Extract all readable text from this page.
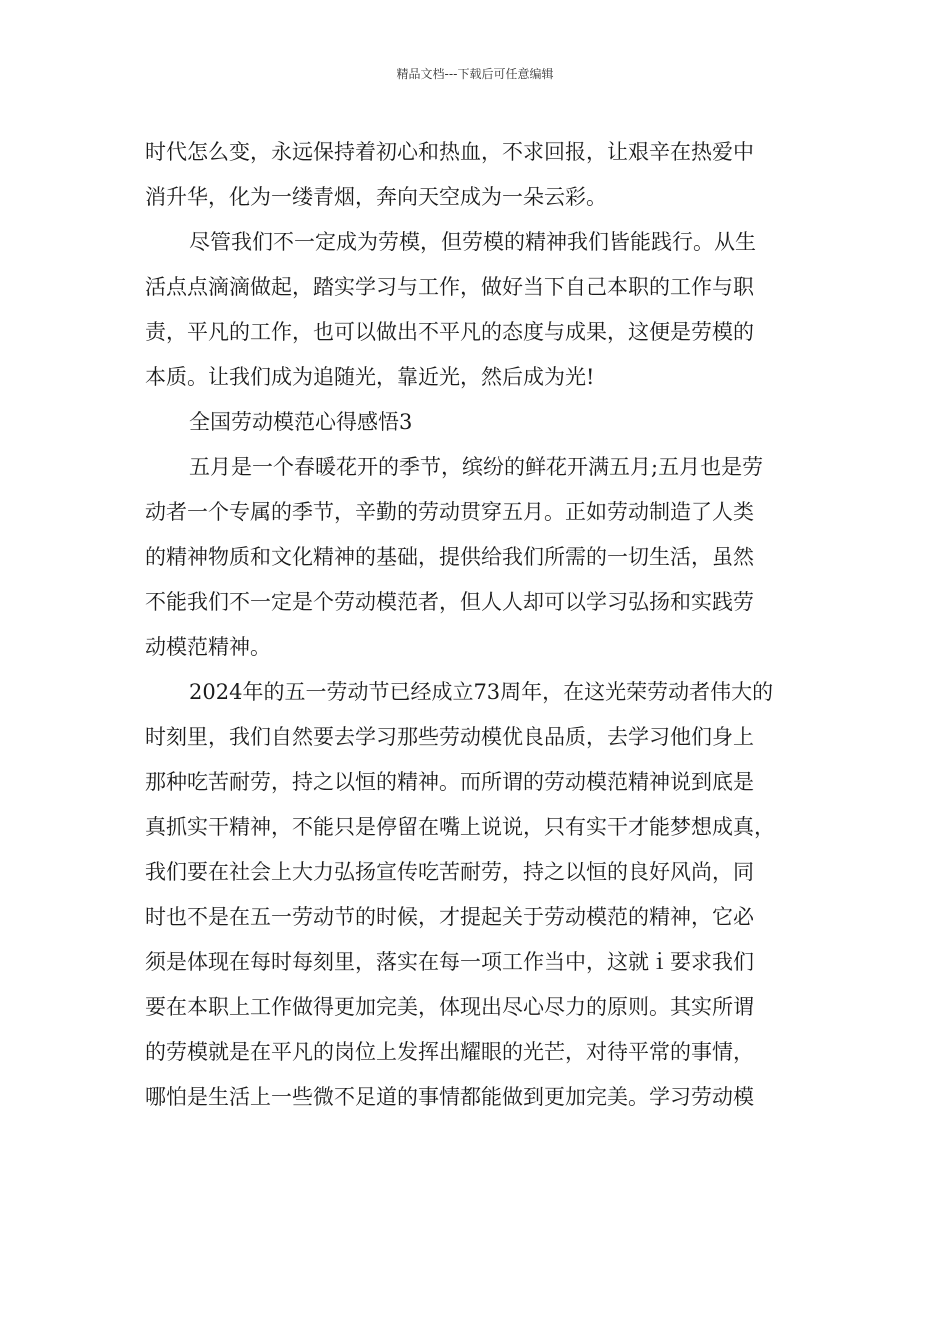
精品文档---下载后可任意编辑
时代怎么变，永远保持着初心和热血，不求回报，让艰辛在热爱中
消升华，化为一缕青烟，奔向天空成为一朵云彩。
尽管我们不一定成为劳模，但劳模的精神我们皆能践行。从生
活点点滴滴做起，踏实学习与工作，做好当下自己本职的工作与职
责，平凡的工作，也可以做出不平凡的态度与成果，这便是劳模的
本质。让我们成为追随光，靠近光，然后成为光!
全国劳动模范心得感悟3
五月是一个春暖花开的季节，缤纷的鲜花开满五月;五月也是劳
动者一个专属的季节，辛勤的劳动贯穿五月。正如劳动制造了人类
的精神物质和文化精神的基础，提供给我们所需的一切生活，虽然
不能我们不一定是个劳动模范者，但人人却可以学习弘扬和实践劳
动模范精神。
2024年的五一劳动节已经成立73周年，在这光荣劳动者伟大的
时刻里，我们自然要去学习那些劳动模优良品质，去学习他们身上
那种吃苦耐劳，持之以恒的精神。而所谓的劳动模范精神说到底是
真抓实干精神，不能只是停留在嘴上说说，只有实干才能梦想成真，
我们要在社会上大力弘扬宣传吃苦耐劳，持之以恒的良好风尚，同
时也不是在五一劳动节的时候，才提起关于劳动模范的精神，它必
须是体现在每时每刻里，落实在每一项工作当中，这就ｉ要求我们
要在本职上工作做得更加完美，体现出尽心尽力的原则。其实所谓
的劳模就是在平凡的岗位上发挥出耀眼的光芒，对待平常的事情，
哪怕是生活上一些微不足道的事情都能做到更加完美。学习劳动模
